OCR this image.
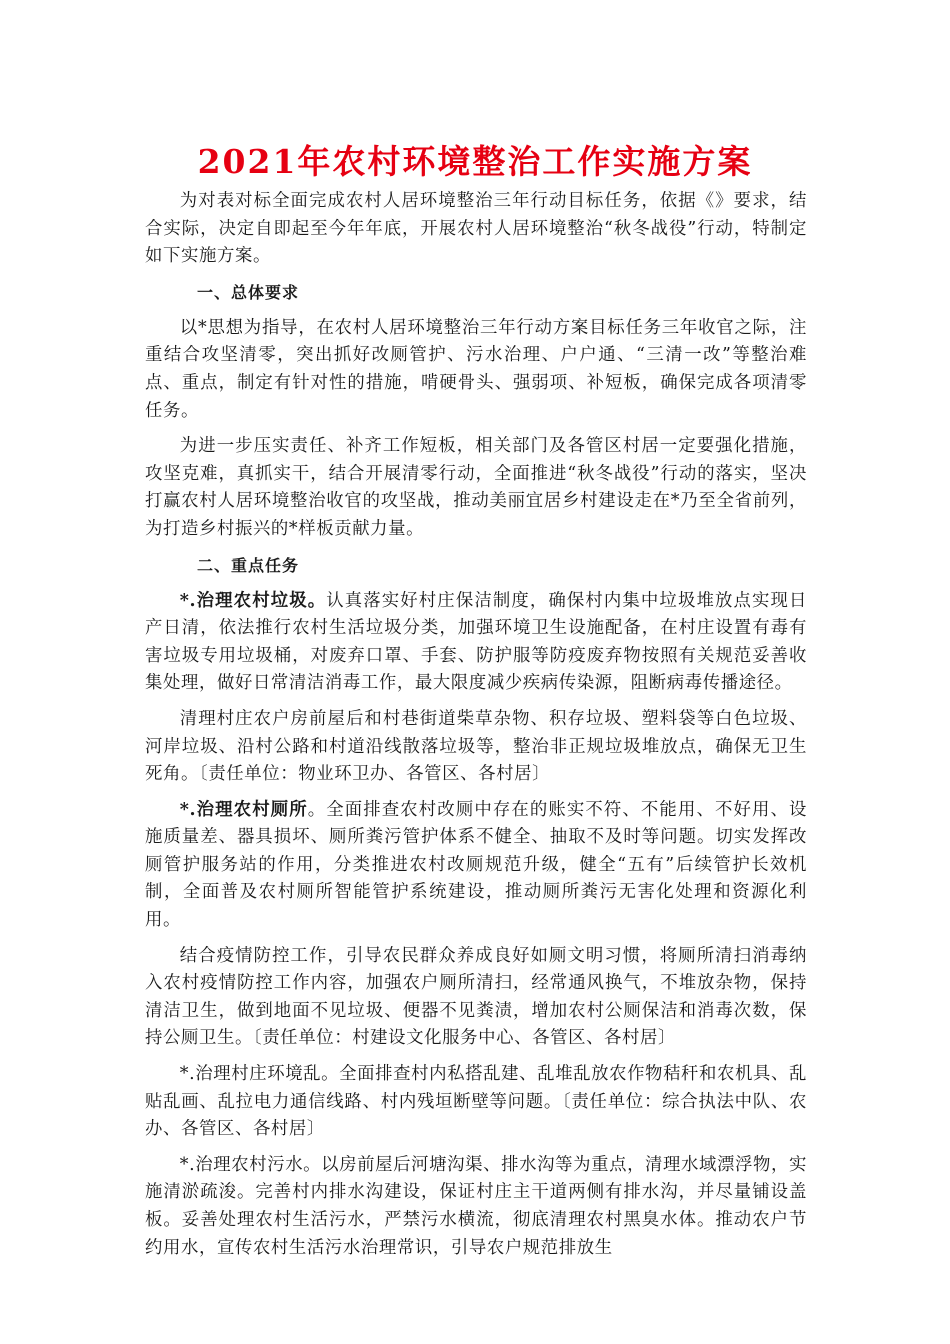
2021年农村环境整治工作实施方案

为对表对标全面完成农村人居环境整治三年行动目标任务，依据《》要求，结合实际，决定自即起至今年年底，开展农村人居环境整治“秋冬战役”行动，特制定如下实施方案。

一、总体要求

以*思想为指导，在农村人居环境整治三年行动方案目标任务三年收官之际，注重结合攻坚清零，突出抓好改厕管护、污水治理、户户通、“三清一改”等整治难点、重点，制定有针对性的措施，啃硬骨头、强弱项、补短板，确保完成各项清零任务。

为进一步压实责任、补齐工作短板，相关部门及各管区村居一定要强化措施，攻坚克难，真抓实干，结合开展清零行动，全面推进“秋冬战役”行动的落实，坚决打赢农村人居环境整治收官的攻坚战，推动美丽宜居乡村建设走在*乃至全省前列，为打造乡村振兴的*样板贡献力量。

二、重点任务

*.治理农村垃圾。认真落实好村庄保洁制度，确保村内集中垃圾堆放点实现日产日清，依法推行农村生活垃圾分类，加强环境卫生设施配备，在村庄设置有毒有害垃圾专用垃圾桶，对废弃口罩、手套、防护服等防疫废弃物按照有关规范妥善收集处理，做好日常清洁消毒工作，最大限度减少疾病传染源，阻断病毒传播途径。

清理村庄农户房前屋后和村巷街道柴草杂物、积存垃圾、塑料袋等白色垃圾、河岸垃圾、沿村公路和村道沿线散落垃圾等，整治非正规垃圾堆放点，确保无卫生死角。〔责任单位：物业环卫办、各管区、各村居〕

*.治理农村厕所。全面排查农村改厕中存在的账实不符、不能用、不好用、设施质量差、器具损坏、厕所粪污管护体系不健全、抽取不及时等问题。切实发挥改厕管护服务站的作用，分类推进农村改厕规范升级，健全“五有”后续管护长效机制，全面普及农村厕所智能管护系统建设，推动厕所粪污无害化处理和资源化利用。

结合疫情防控工作，引导农民群众养成良好如厕文明习惯，将厕所清扫消毒纳入农村疫情防控工作内容，加强农户厕所清扫，经常通风换气，不堆放杂物，保持清洁卫生，做到地面不见垃圾、便器不见粪渍，增加农村公厕保洁和消毒次数，保持公厕卫生。〔责任单位：村建设文化服务中心、各管区、各村居〕

*.治理村庄环境乱。全面排查村内私搭乱建、乱堆乱放农作物秸秆和农机具、乱贴乱画、乱拉电力通信线路、村内残垣断壁等问题。〔责任单位：综合执法中队、农办、各管区、各村居〕

*.治理农村污水。以房前屋后河塘沟渠、排水沟等为重点，清理水域漂浮物，实施清淤疏浚。完善村内排水沟建设，保证村庄主干道两侧有排水沟，并尽量铺设盖板。妥善处理农村生活污水，严禁污水横流，彻底清理农村黑臭水体。推动农户节约用水，宣传农村生活污水治理常识，引导农户规范排放生
